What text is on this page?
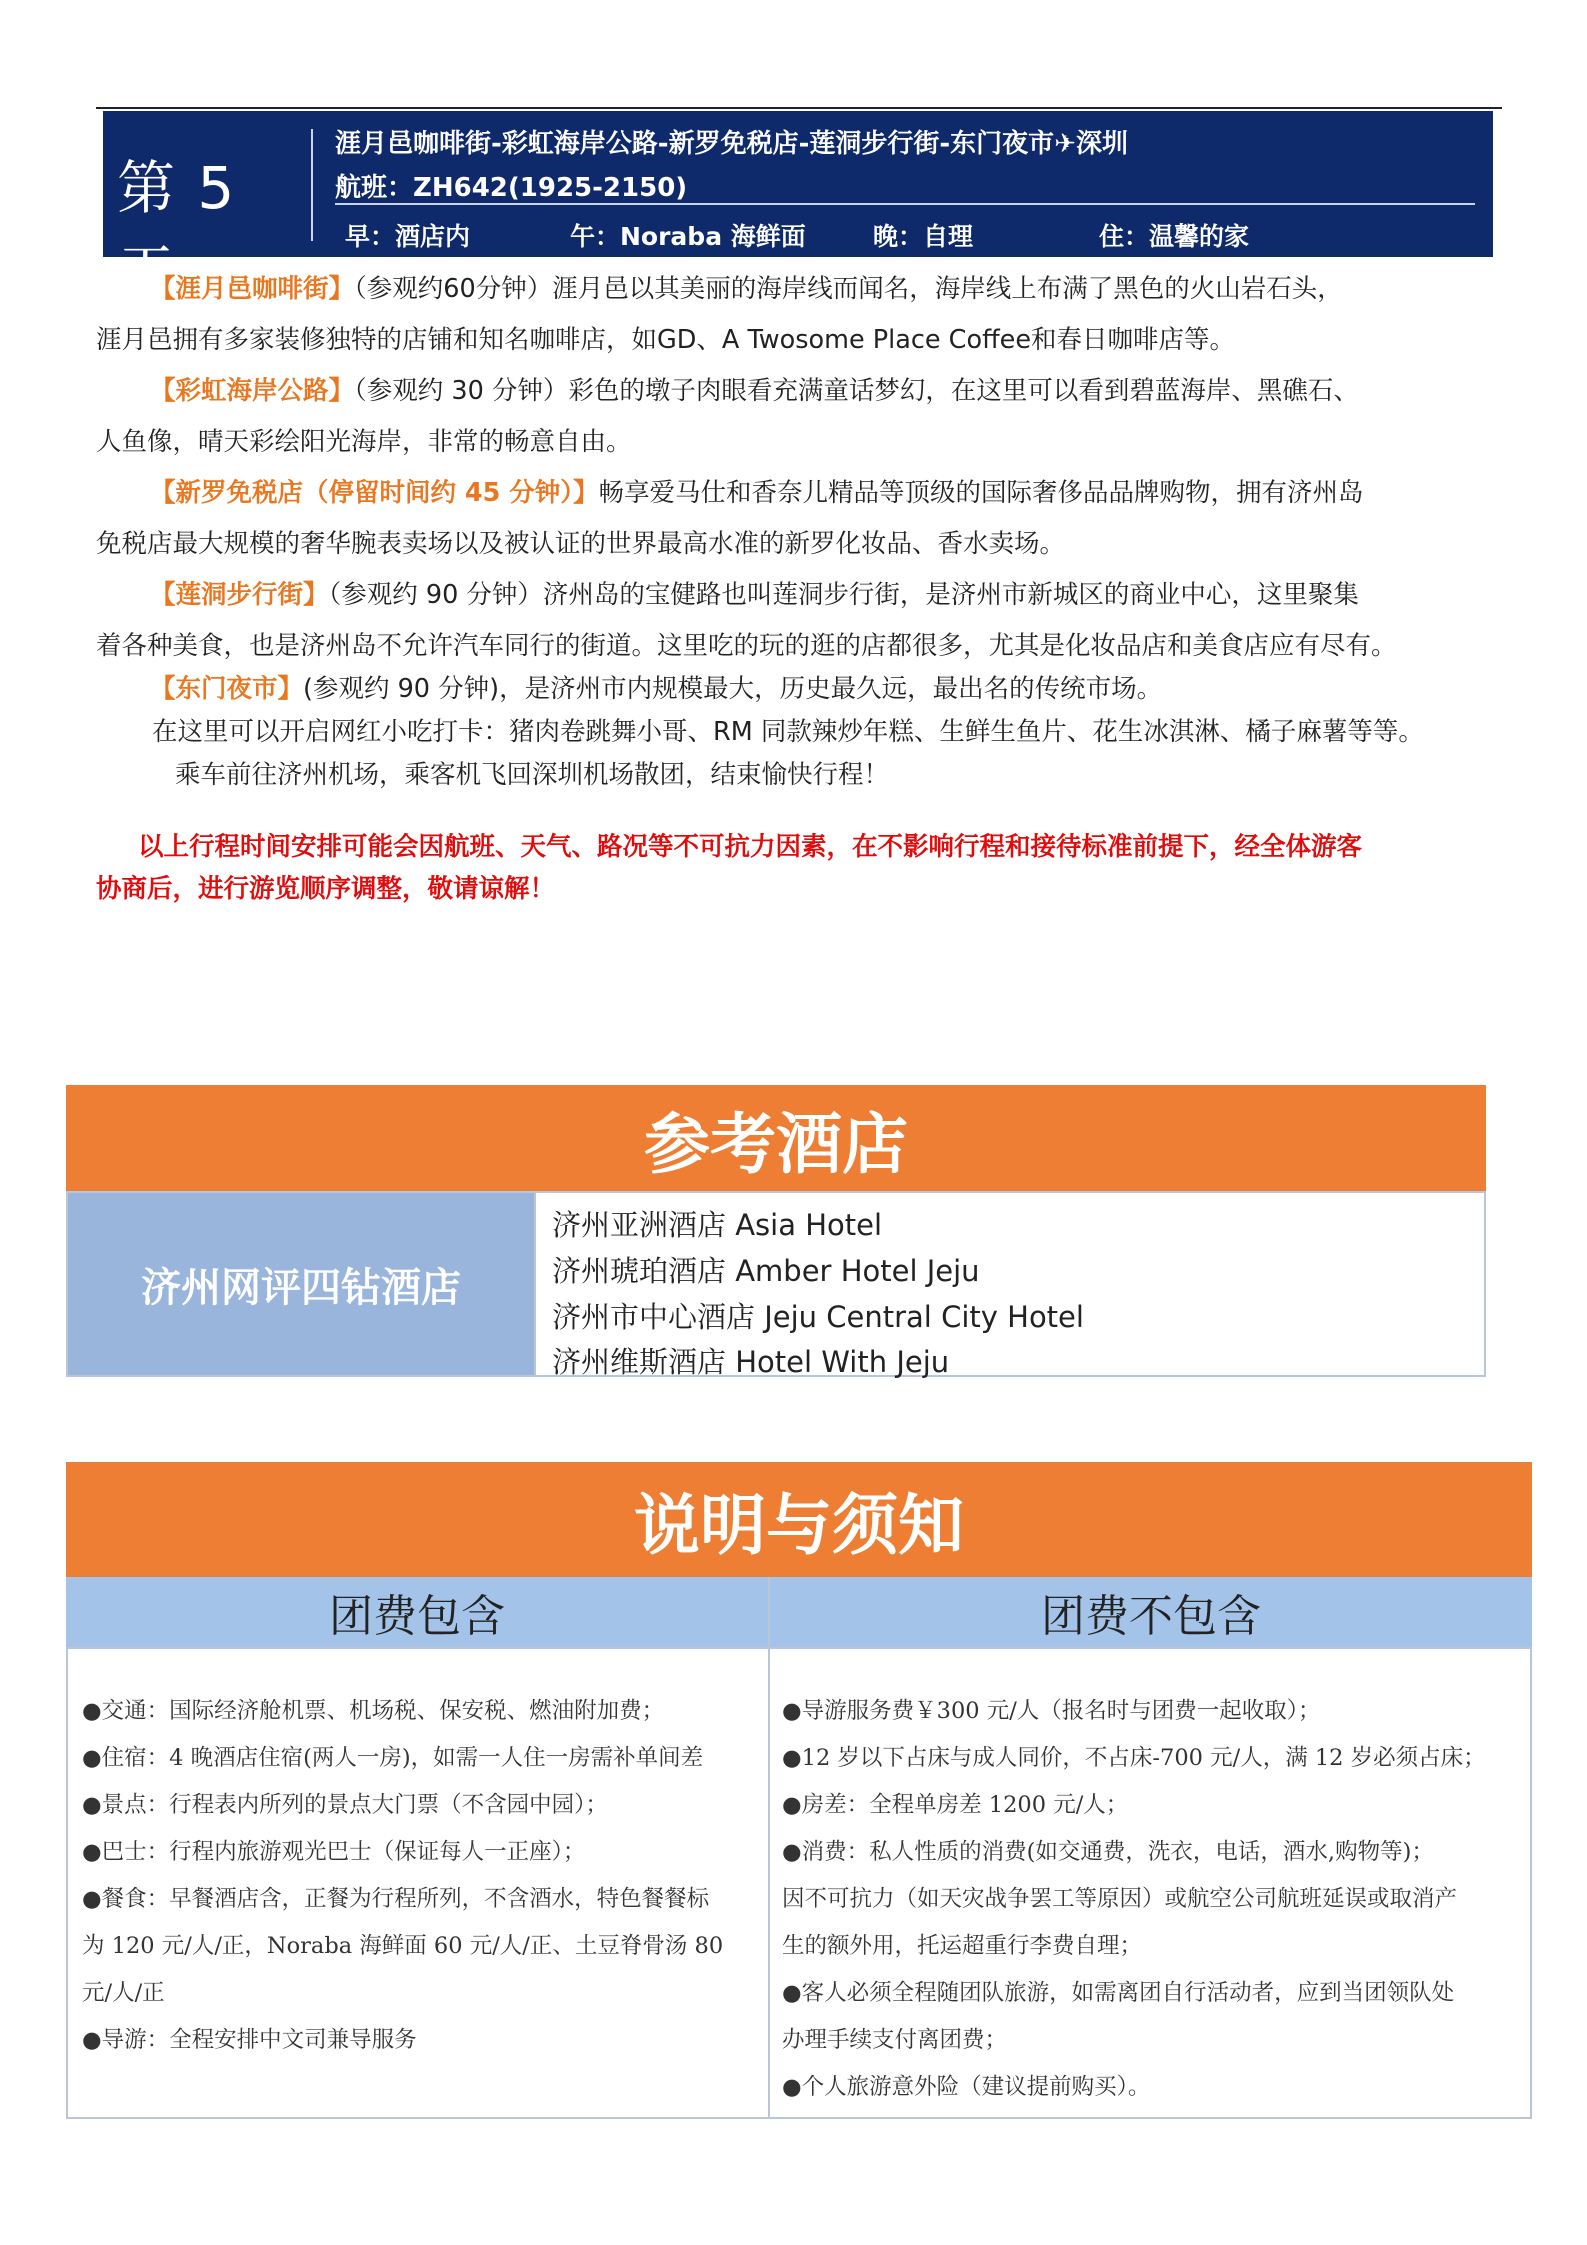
第 5 天
涯月邑咖啡街-彩虹海岸公路-新罗免税店-莲洞步行街-东门夜市✈深圳
航班：ZH642(1925-2150)
早：酒店内	午：Noraba 海鲜面	晚：自理	住：温馨的家
【涯月邑咖啡街】（参观约60分钟）涯月邑以其美丽的海岸线而闻名，海岸线上布满了黑色的火山岩石头，
涯月邑拥有多家装修独特的店铺和知名咖啡店，如GD、A Twosome Place Coffee和春日咖啡店等。
【彩虹海岸公路】（参观约 30 分钟）彩色的墩子肉眼看充满童话梦幻，在这里可以看到碧蓝海岸、黑礁石、
人鱼像，晴天彩绘阳光海岸，非常的畅意自由。
【新罗免税店（停留时间约 45 分钟）】畅享爱马仕和香奈儿精品等顶级的国际奢侈品品牌购物，拥有济州岛
免税店最大规模的奢华腕表卖场以及被认证的世界最高水准的新罗化妆品、香水卖场。
【莲洞步行街】（参观约 90 分钟）济州岛的宝健路也叫莲洞步行街，是济州市新城区的商业中心，这里聚集
着各种美食，也是济州岛不允许汽车同行的街道。这里吃的玩的逛的店都很多，尤其是化妆品店和美食店应有尽有。
【东门夜市】(参观约 90 分钟)，是济州市内规模最大，历史最久远，最出名的传统市场。
在这里可以开启网红小吃打卡：猪肉卷跳舞小哥、RM 同款辣炒年糕、生鲜生鱼片、花生冰淇淋、橘子麻薯等等。
乘车前往济州机场，乘客机飞回深圳机场散团，结束愉快行程！
以上行程时间安排可能会因航班、天气、路况等不可抗力因素，在不影响行程和接待标准前提下，经全体游客
协商后，进行游览顺序调整，敬请谅解！
参考酒店
济州网评四钻酒店
济州亚洲酒店 Asia Hotel
济州琥珀酒店 Amber Hotel Jeju
济州市中心酒店 Jeju Central City Hotel
济州维斯酒店 Hotel With Jeju
说明与须知
团费包含	团费不包含
●交通：国际经济舱机票、机场税、保安税、燃油附加费；
●住宿：4 晚酒店住宿(两人一房)，如需一人住一房需补单间差
●景点：行程表内所列的景点大门票（不含园中园）；
●巴士：行程内旅游观光巴士（保证每人一正座）；
●餐食：早餐酒店含，正餐为行程所列，不含酒水，特色餐餐标
为 120 元/人/正，Noraba 海鲜面 60 元/人/正、土豆脊骨汤 80
元/人/正
●导游：全程安排中文司兼导服务
●导游服务费￥300 元/人（报名时与团费一起收取）；
●12 岁以下占床与成人同价，不占床-700 元/人，满 12 岁必须占床；
●房差：全程单房差 1200 元/人；
●消费：私人性质的消费(如交通费，洗衣，电话，酒水,购物等)；
因不可抗力（如天灾战争罢工等原因）或航空公司航班延误或取消产
生的额外用，托运超重行李费自理；
●客人必须全程随团队旅游，如需离团自行活动者，应到当团领队处
办理手续支付离团费；
●个人旅游意外险（建议提前购买）。
